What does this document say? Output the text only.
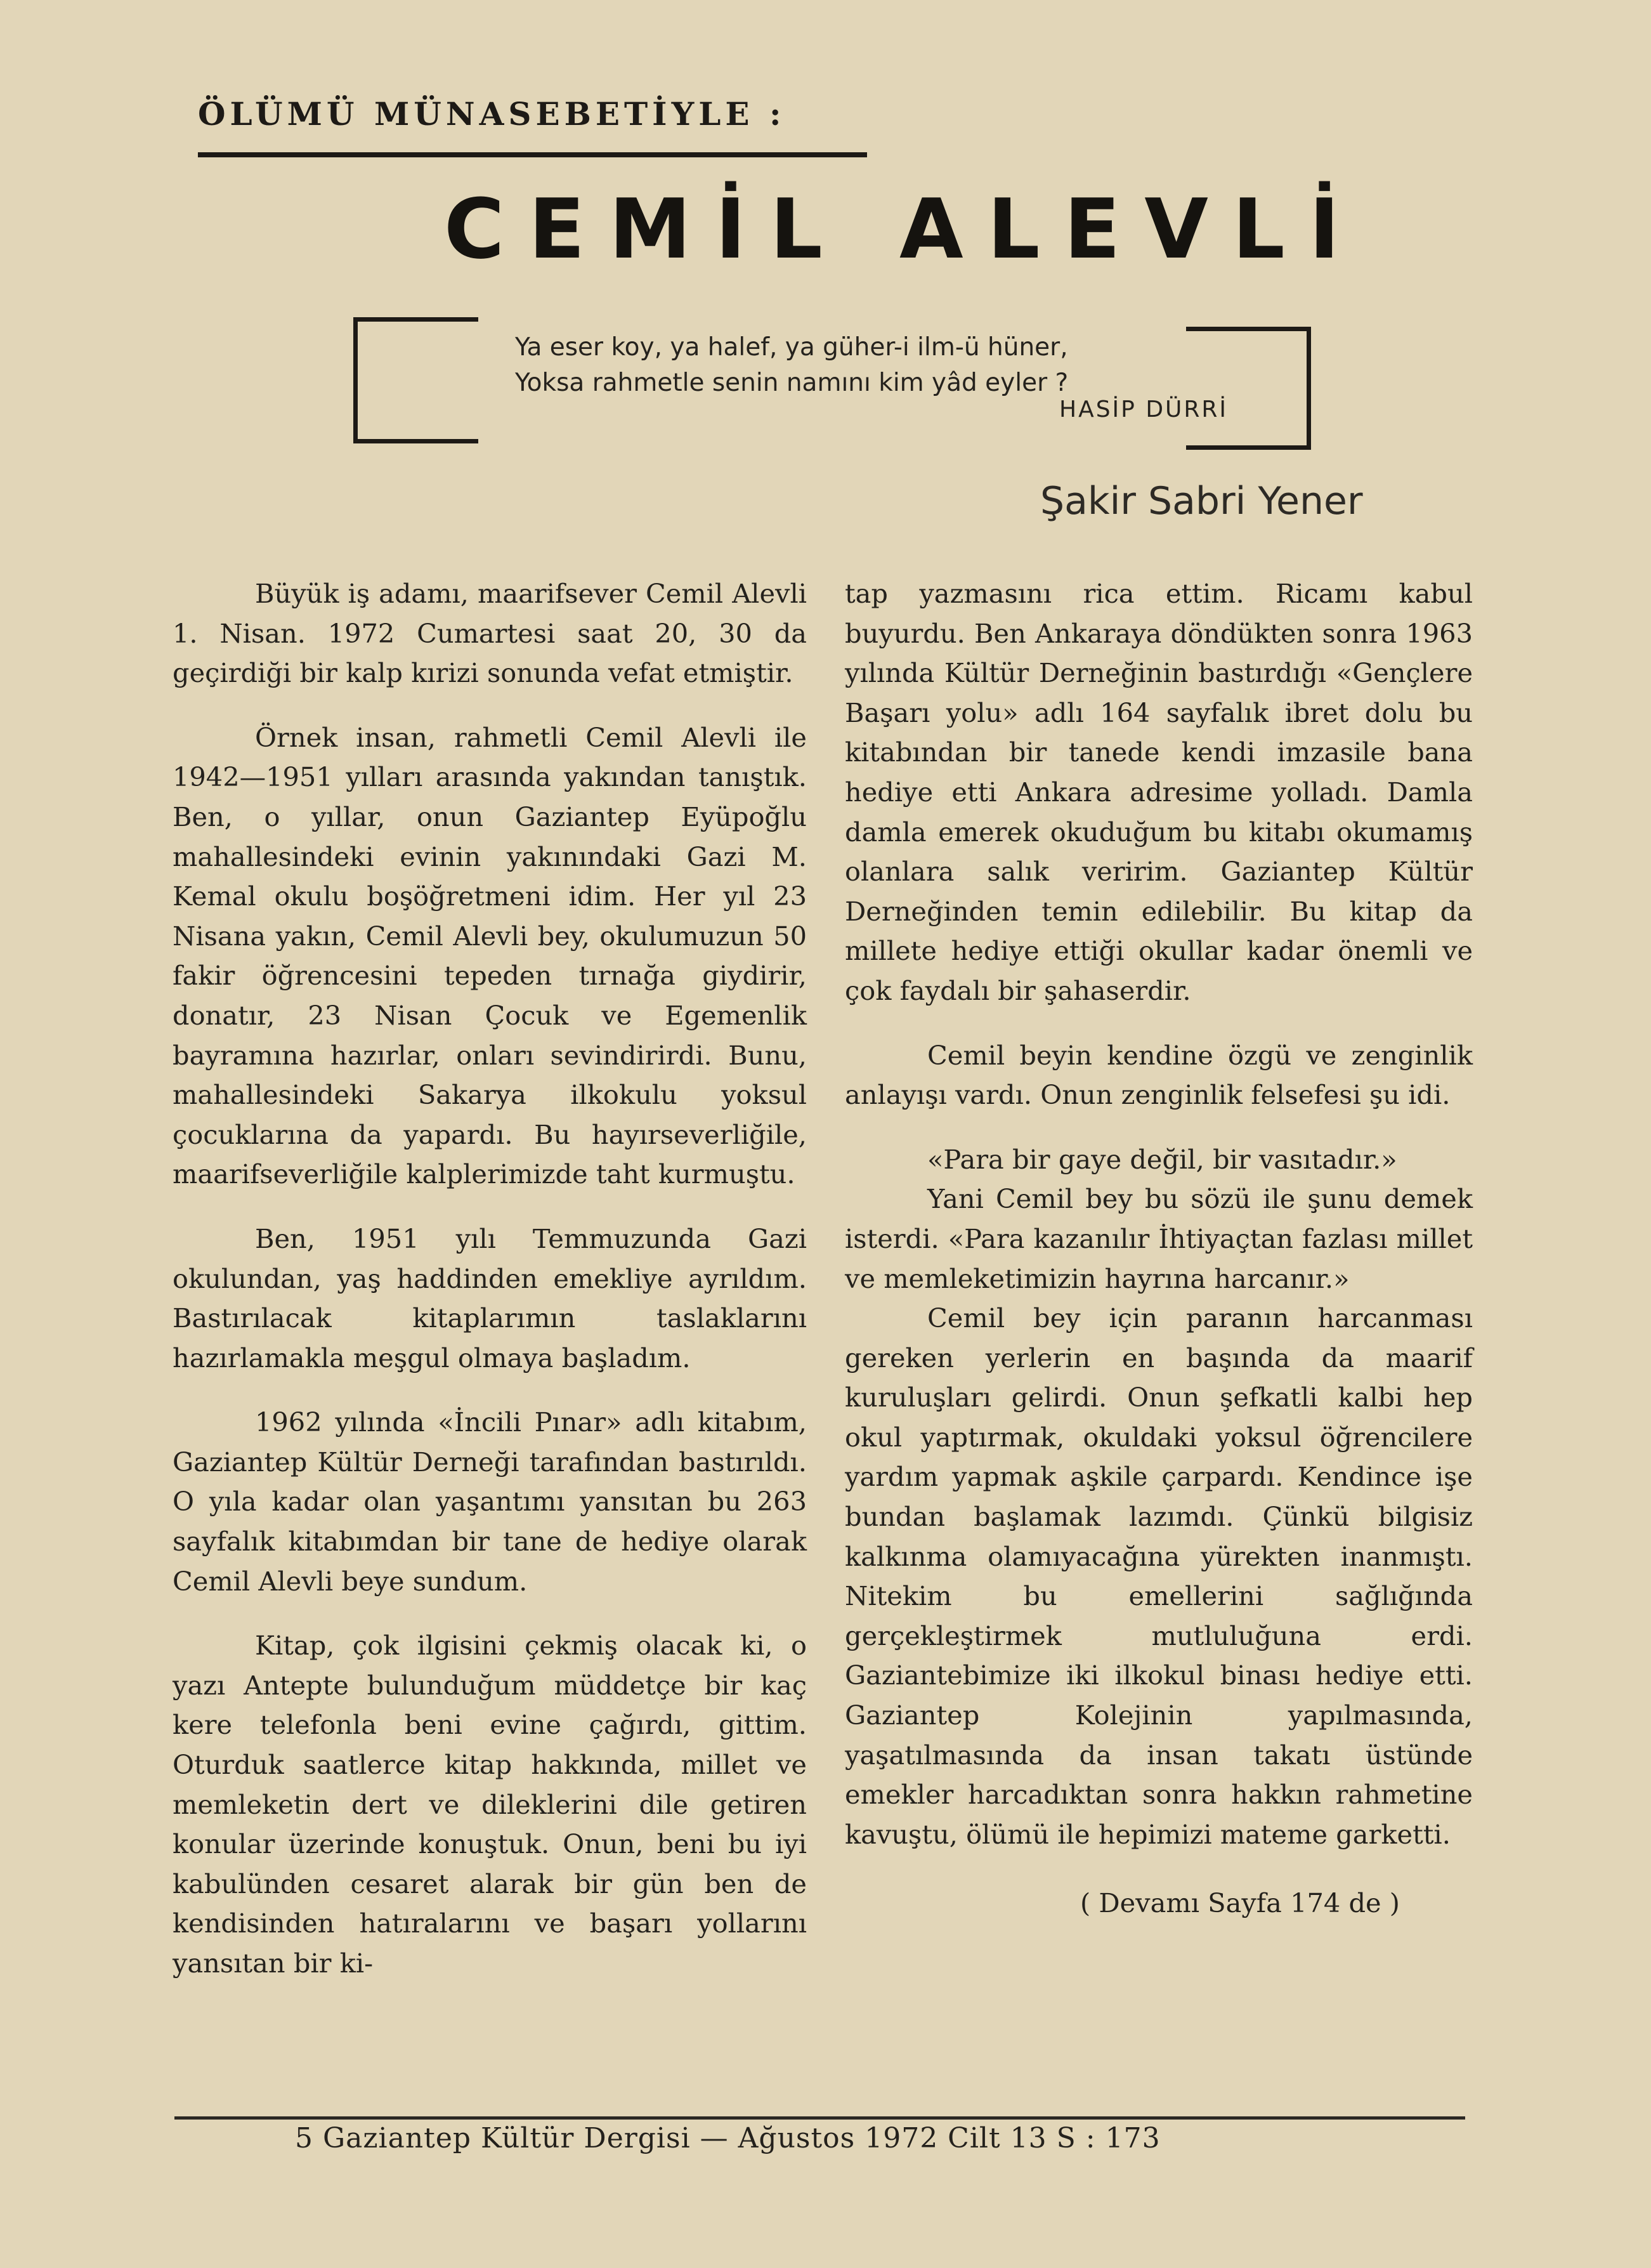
ÖLÜMÜ MÜNASEBETİYLE :
CEMİL ALEVLİ
Ya eser koy, ya halef, ya güher-i ilm-ü hüner,
Yoksa rahmetle senin namını kim yâd eyler ?
HASİP DÜRRİ
Şakir Sabri Yener

Büyük iş adamı, maarifsever Cemil Alevli 1. Nisan. 1972 Cumartesi saat 20, 30 da geçirdiği bir kalp kırizi sonunda vefat etmiştir.

Örnek insan, rahmetli Cemil Alevli ile 1942—1951 yılları arasında yakından tanıştık. Ben, o yıllar, onun Gaziantep Eyüpoğlu mahallesindeki evinin yakınındaki Gazi M. Kemal okulu boşöğretmeni idim. Her yıl 23 Nisana yakın, Cemil Alevli bey, okulumuzun 50 fakir öğrencesini tepeden tırnağa giydirir, donatır, 23 Nisan Çocuk ve Egemenlik bayramına hazırlar, onları sevindirirdi. Bunu, mahallesindeki Sakarya ilkokulu yoksul çocuklarına da yapardı. Bu hayırseverliğile, maarifseverliğile kalplerimizde taht kurmuştu.

Ben, 1951 yılı Temmuzunda Gazi okulundan, yaş haddinden emekliye ayrıldım. Bastırılacak kitaplarımın taslaklarını hazırlamakla meşgul olmaya başladım.

1962 yılında «İncili Pınar» adlı kitabım, Gaziantep Kültür Derneği tarafından bastırıldı. O yıla kadar olan yaşantımı yansıtan bu 263 sayfalık kitabımdan bir tane de hediye olarak Cemil Alevli beye sundum.

Kitap, çok ilgisini çekmiş olacak ki, o yazı Antepte bulunduğum müddetçe bir kaç kere telefonla beni evine çağırdı, gittim. Oturduk saatlerce kitap hakkında, millet ve memleketin dert ve dileklerini dile getiren konular üzerinde konuştuk. Onun, beni bu iyi kabulünden cesaret alarak bir gün ben de kendisinden hatıralarını ve başarı yollarını yansıtan bir ki-

tap yazmasını rica ettim. Ricamı kabul buyurdu. Ben Ankaraya döndükten sonra 1963 yılında Kültür Derneğinin bastırdığı «Gençlere Başarı yolu» adlı 164 sayfalık ibret dolu bu kitabından bir tanede kendi imzasile bana hediye etti Ankara adresime yolladı. Damla damla emerek okuduğum bu kitabı okumamış olanlara salık veririm. Gaziantep Kültür Derneğinden temin edilebilir. Bu kitap da millete hediye ettiği okullar kadar önemli ve çok faydalı bir şahaserdir.

Cemil beyin kendine özgü ve zenginlik anlayışı vardı. Onun zenginlik felsefesi şu idi.

«Para bir gaye değil, bir vasıtadır.»

Yani Cemil bey bu sözü ile şunu demek isterdi. «Para kazanılır İhtiyaçtan fazlası millet ve memleketimizin hayrına harcanır.»

Cemil bey için paranın harcanması gereken yerlerin en başında da maarif kuruluşları gelirdi. Onun şefkatli kalbi hep okul yaptırmak, okuldaki yoksul öğrencilere yardım yapmak aşkile çarpardı. Kendince işe bundan başlamak lazımdı. Çünkü bilgisiz kalkınma olamıyacağına yürekten inanmıştı. Nitekim bu emellerini sağlığında gerçekleştirmek mutluluğuna erdi. Gaziantebimize iki ilkokul binası hediye etti. Gaziantep Kolejinin yapılmasında, yaşatılmasında da insan takatı üstünde emekler harcadıktan sonra hakkın rahmetine kavuştu, ölümü ile hepimizi mateme garketti.

( Devamı Sayfa 174 de )
5 Gaziantep Kültür Dergisi — Ağustos 1972 Cilt 13 S : 173
